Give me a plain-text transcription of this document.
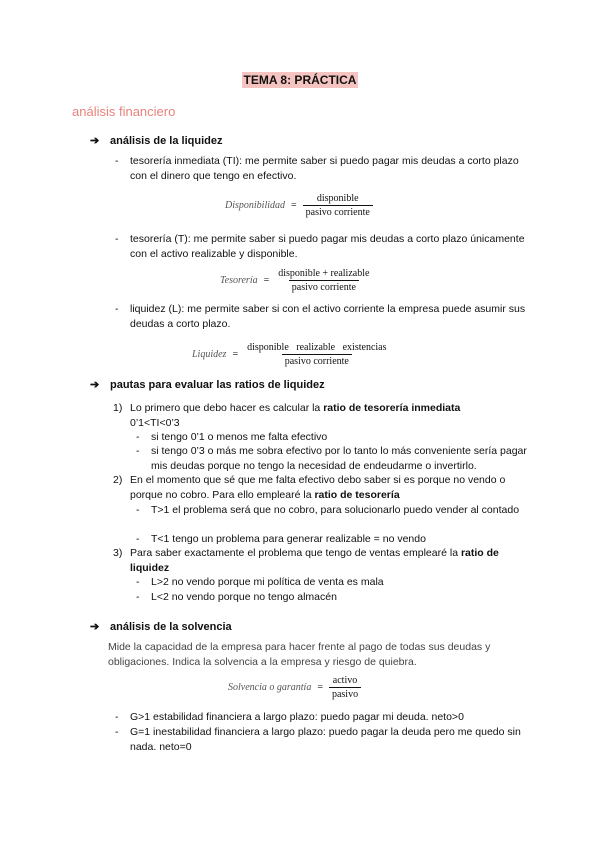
TEMA 8: PRÁCTICA
análisis financiero
➔ análisis de la liquidez
- tesorería inmediata (TI): me permite saber si puedo pagar mis deudas a corto plazo con el dinero que tengo en efectivo.
Disponibilidad = $\frac{\text{disponible}}{\text{pasivo corriente}}$
- tesorería (T): me permite saber si puedo pagar mis deudas a corto plazo únicamente con el activo realizable y disponible.
Tesorería = $\frac{\text{disponible + realizable}}{\text{pasivo corriente}}$
- liquidez (L): me permite saber si con el activo corriente la empresa puede asumir sus deudas a corto plazo.
Liquidez = $\frac{\text{disponible   realizable   existencias}}{\text{pasivo corriente}}$
➔ pautas para evaluar las ratios de liquidez
1) Lo primero que debo hacer es calcular la ratio de tesorería inmediata
0’1<TI<0’3
- si tengo 0’1 o menos me falta efectivo
- si tengo 0’3 o más me sobra efectivo por lo tanto lo más conveniente sería pagar mis deudas porque no tengo la necesidad de endeudarme o invertirlo.
2) En el momento que sé que me falta efectivo debo saber si es porque no vendo o porque no cobro. Para ello emplearé la ratio de tesorería
- T>1 el problema será que no cobro, para solucionarlo puedo vender al contado
- T<1 tengo un problema para generar realizable = no vendo
3) Para saber exactamente el problema que tengo de ventas emplearé la ratio de liquidez
- L>2 no vendo porque mi política de venta es mala
- L<2 no vendo porque no tengo almacén
➔ análisis de la solvencia
Mide la capacidad de la empresa para hacer frente al pago de todas sus deudas y obligaciones. Indica la solvencia a la empresa y riesgo de quiebra.
Solvencia o garantía = $\frac{\text{activo}}{\text{pasivo}}$
- G>1 estabilidad financiera a largo plazo: puedo pagar mi deuda. neto>0
- G=1 inestabilidad financiera a largo plazo: puedo pagar la deuda pero me quedo sin nada. neto=0
